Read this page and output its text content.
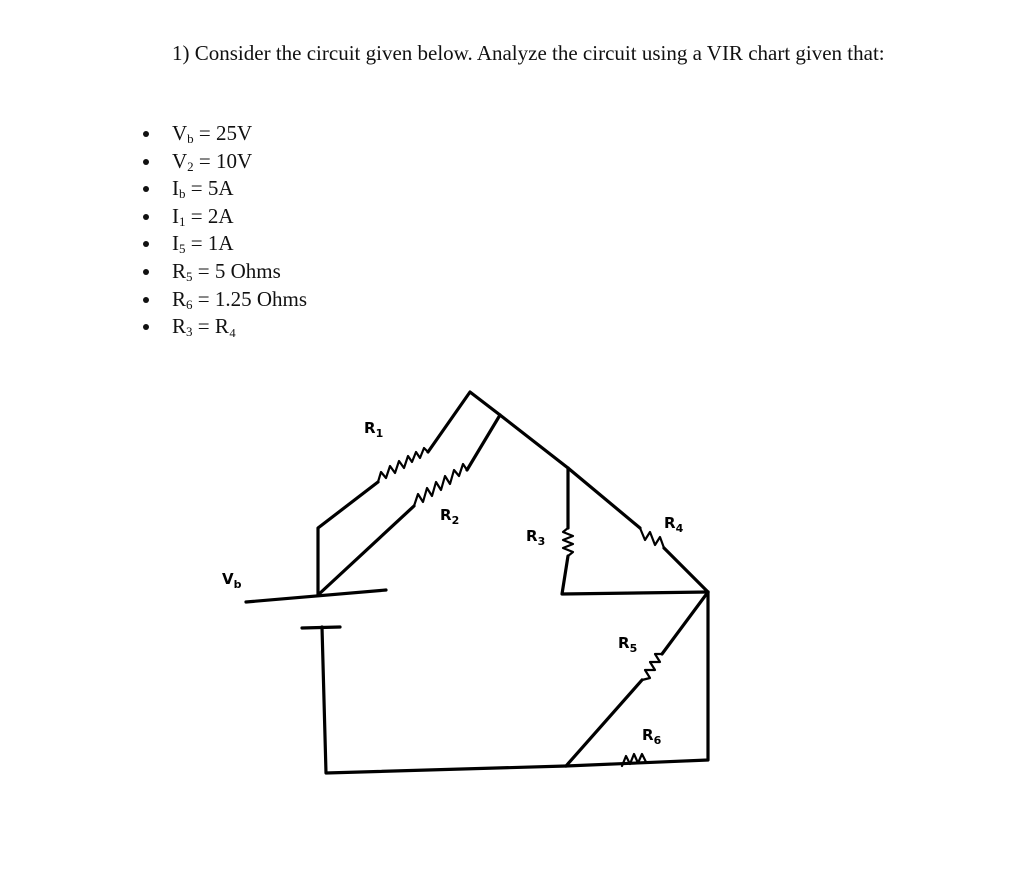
1) Consider the circuit given below. Analyze the circuit using a VIR chart given that:

$V_b = 25V$
$V_2 = 10V$
$I_b = 5A$
$I_1 = 2A$
$I_5 = 1A$
$R_5 = 5$ Ohms
$R_6 = 1.25$ Ohms
$R_3 = R_4$
$V_b$
$R_1$
$R_2$
$R_3$
$R_4$
$R_5$
$R_6$
